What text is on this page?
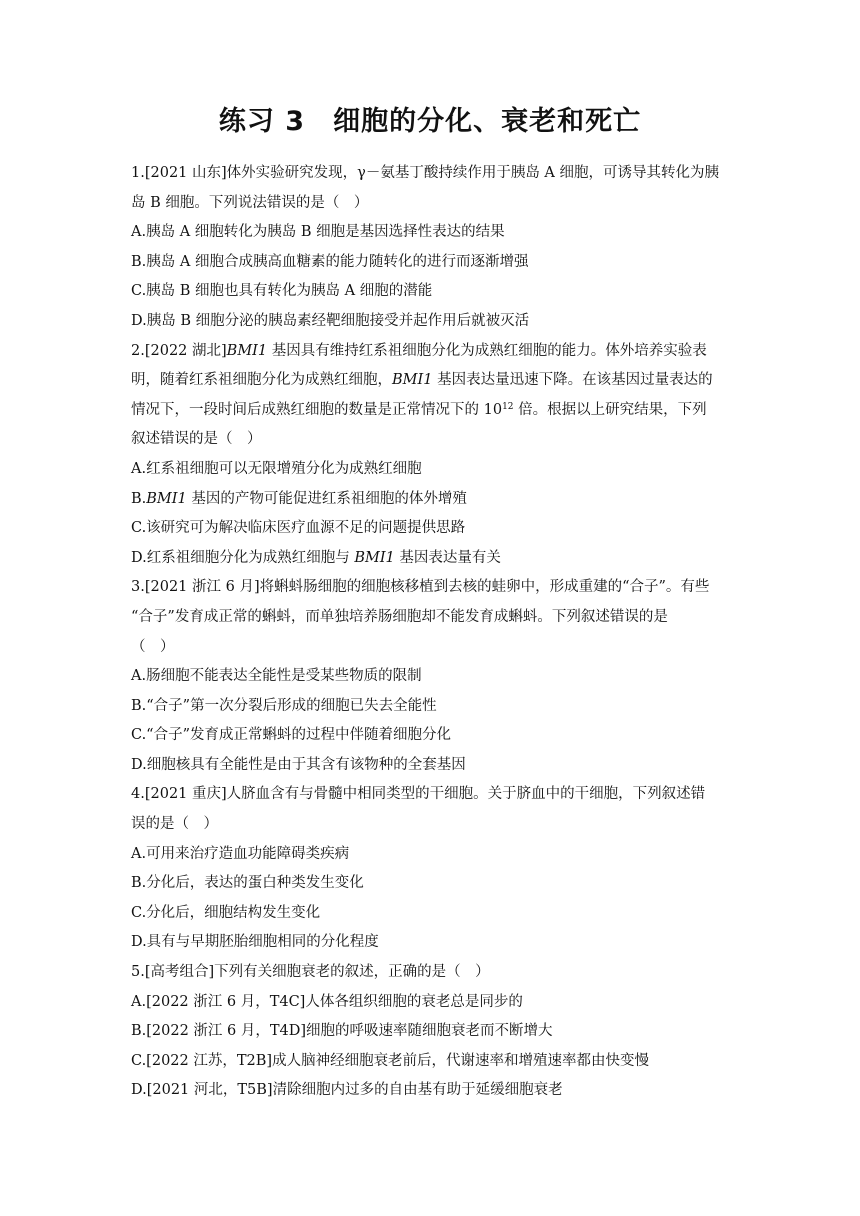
练习 3　细胞的分化、衰老和死亡
1.[2021 山东]体外实验研究发现，γ－氨基丁酸持续作用于胰岛 A 细胞，可诱导其转化为胰
岛 B 细胞。下列说法错误的是（　）
A.胰岛 A 细胞转化为胰岛 B 细胞是基因选择性表达的结果
B.胰岛 A 细胞合成胰高血糖素的能力随转化的进行而逐渐增强
C.胰岛 B 细胞也具有转化为胰岛 A 细胞的潜能
D.胰岛 B 细胞分泌的胰岛素经靶细胞接受并起作用后就被灭活
2.[2022 湖北]BMI1 基因具有维持红系祖细胞分化为成熟红细胞的能力。体外培养实验表
明，随着红系祖细胞分化为成熟红细胞，BMI1 基因表达量迅速下降。在该基因过量表达的
情况下，一段时间后成熟红细胞的数量是正常情况下的 $10^{12}$ 倍。根据以上研究结果，下列
叙述错误的是（　）
A.红系祖细胞可以无限增殖分化为成熟红细胞
B.BMI1 基因的产物可能促进红系祖细胞的体外增殖
C.该研究可为解决临床医疗血源不足的问题提供思路
D.红系祖细胞分化为成熟红细胞与 BMI1 基因表达量有关
3.[2021 浙江 6 月]将蝌蚪肠细胞的细胞核移植到去核的蛙卵中，形成重建的“合子”。有些
“合子”发育成正常的蝌蚪，而单独培养肠细胞却不能发育成蝌蚪。下列叙述错误的是
（　）
A.肠细胞不能表达全能性是受某些物质的限制
B.“合子”第一次分裂后形成的细胞已失去全能性
C.“合子”发育成正常蝌蚪的过程中伴随着细胞分化
D.细胞核具有全能性是由于其含有该物种的全套基因
4.[2021 重庆]人脐血含有与骨髓中相同类型的干细胞。关于脐血中的干细胞，下列叙述错
误的是（　）
A.可用来治疗造血功能障碍类疾病
B.分化后，表达的蛋白种类发生变化
C.分化后，细胞结构发生变化
D.具有与早期胚胎细胞相同的分化程度
5.[高考组合]下列有关细胞衰老的叙述，正确的是（　）
A.[2022 浙江 6 月，T4C]人体各组织细胞的衰老总是同步的
B.[2022 浙江 6 月，T4D]细胞的呼吸速率随细胞衰老而不断增大
C.[2022 江苏，T2B]成人脑神经细胞衰老前后，代谢速率和增殖速率都由快变慢
D.[2021 河北，T5B]清除细胞内过多的自由基有助于延缓细胞衰老
